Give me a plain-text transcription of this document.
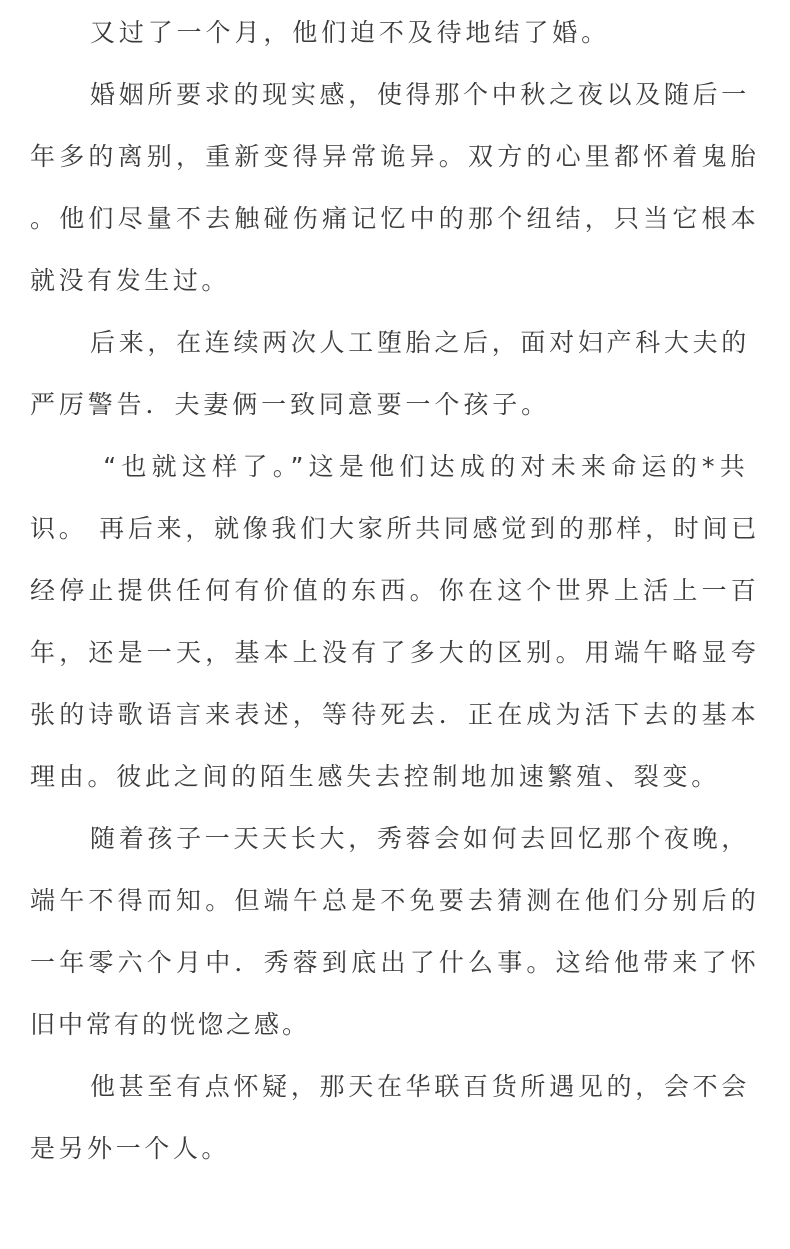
又过了一个月，他们迫不及待地结了婚。
婚姻所要求的现实感，使得那个中秋之夜以及随后一
年多的离别，重新变得异常诡异。双方的心里都怀着鬼胎
。他们尽量不去触碰伤痛记忆中的那个纽结，只当它根本
就没有发生过。
后来，在连续两次人工堕胎之后，面对妇产科大夫的
严厉警告．夫妻俩一致同意要一个孩子。
“也就这样了。”这是他们达成的对未来命运的*共
识。 再后来，就像我们大家所共同感觉到的那样，时间已
经停止提供任何有价值的东西。你在这个世界上活上一百
年，还是一天，基本上没有了多大的区别。用端午略显夸
张的诗歌语言来表述，等待死去．正在成为活下去的基本
理由。彼此之间的陌生感失去控制地加速繁殖、裂变。
随着孩子一天天长大，秀蓉会如何去回忆那个夜晚，
端午不得而知。但端午总是不免要去猜测在他们分别后的
一年零六个月中．秀蓉到底出了什么事。这给他带来了怀
旧中常有的恍惚之感。
他甚至有点怀疑，那天在华联百货所遇见的，会不会
是另外一个人。
